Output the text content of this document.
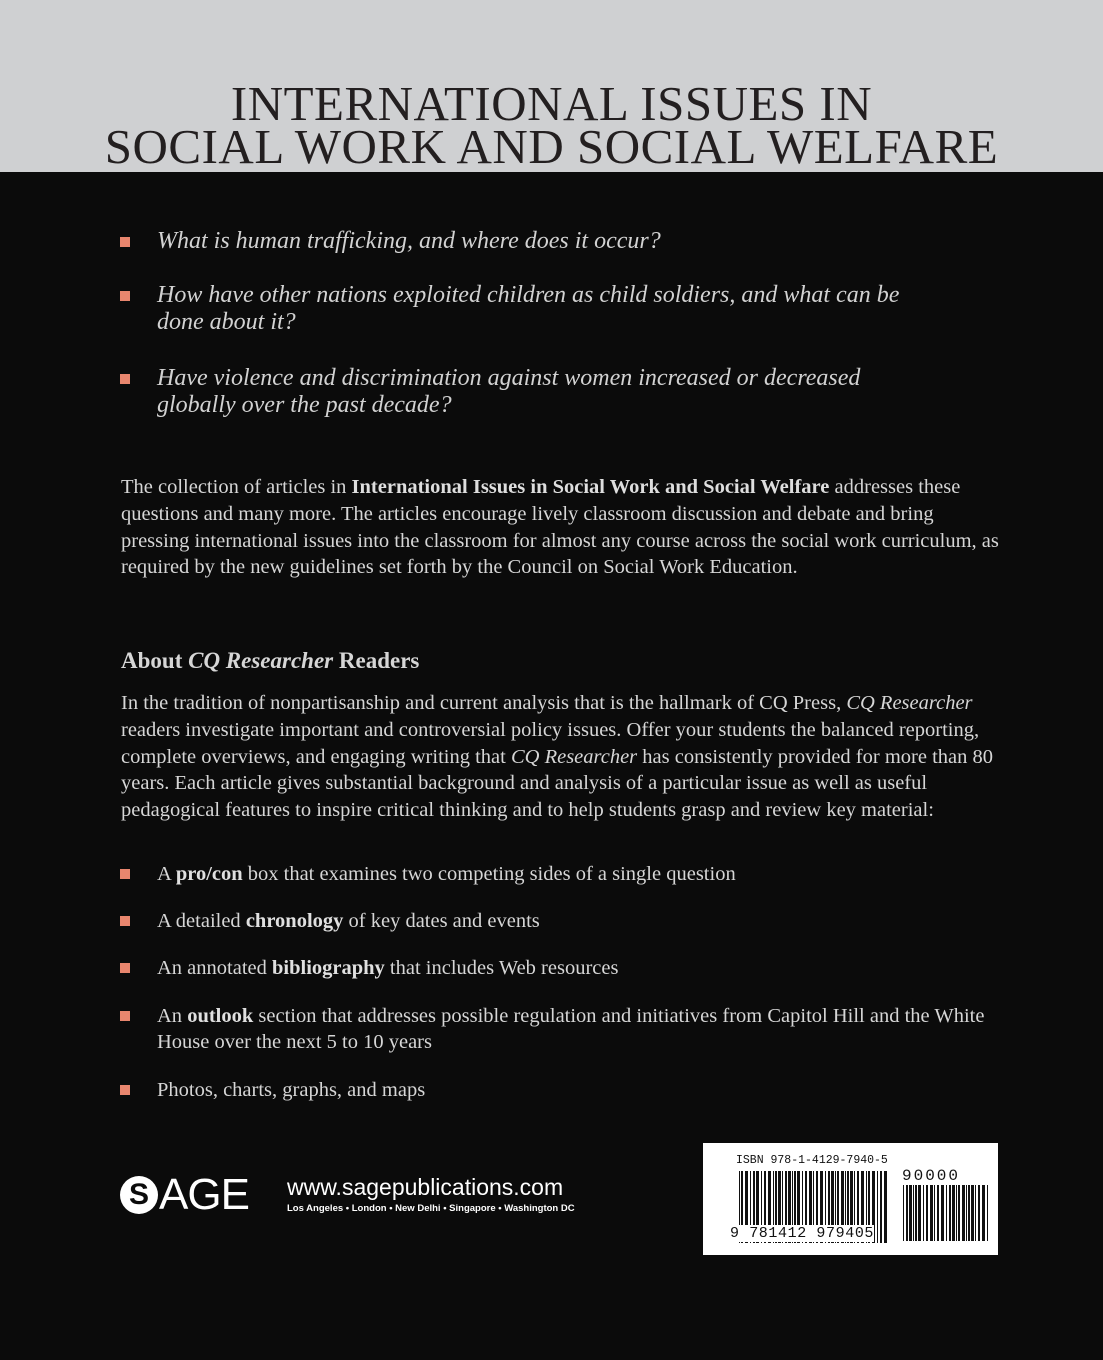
INTERNATIONAL ISSUES IN
SOCIAL WORK AND SOCIAL WELFARE
What is human trafficking, and where does it occur?
How have other nations exploited children as child soldiers, and what can be
done about it?
Have violence and discrimination against women increased or decreased
globally over the past decade?
The collection of articles in International Issues in Social Work and Social Welfare addresses these questions and many more. The articles encourage lively classroom discussion and debate and bring pressing international issues into the classroom for almost any course across the social work curriculum, as required by the new guidelines set forth by the Council on Social Work Education.
About CQ Researcher Readers
In the tradition of nonpartisanship and current analysis that is the hallmark of CQ Press, CQ Researcher readers investigate important and controversial policy issues. Offer your students the balanced reporting, complete overviews, and engaging writing that CQ Researcher has consistently provided for more than 80 years. Each article gives substantial background and analysis of a particular issue as well as useful pedagogical features to inspire critical thinking and to help students grasp and review key material:
A pro/con box that examines two competing sides of a single question
A detailed chronology of key dates and events
An annotated bibliography that includes Web resources
An outlook section that addresses possible regulation and initiatives from Capitol Hill and the White House over the next 5 to 10 years
Photos, charts, graphs, and maps
S AGE www.sagepublications.com
Los Angeles • London • New Delhi • Singapore • Washington DC
ISBN 978-1-4129-7940-5
90000
9 781412 979405
